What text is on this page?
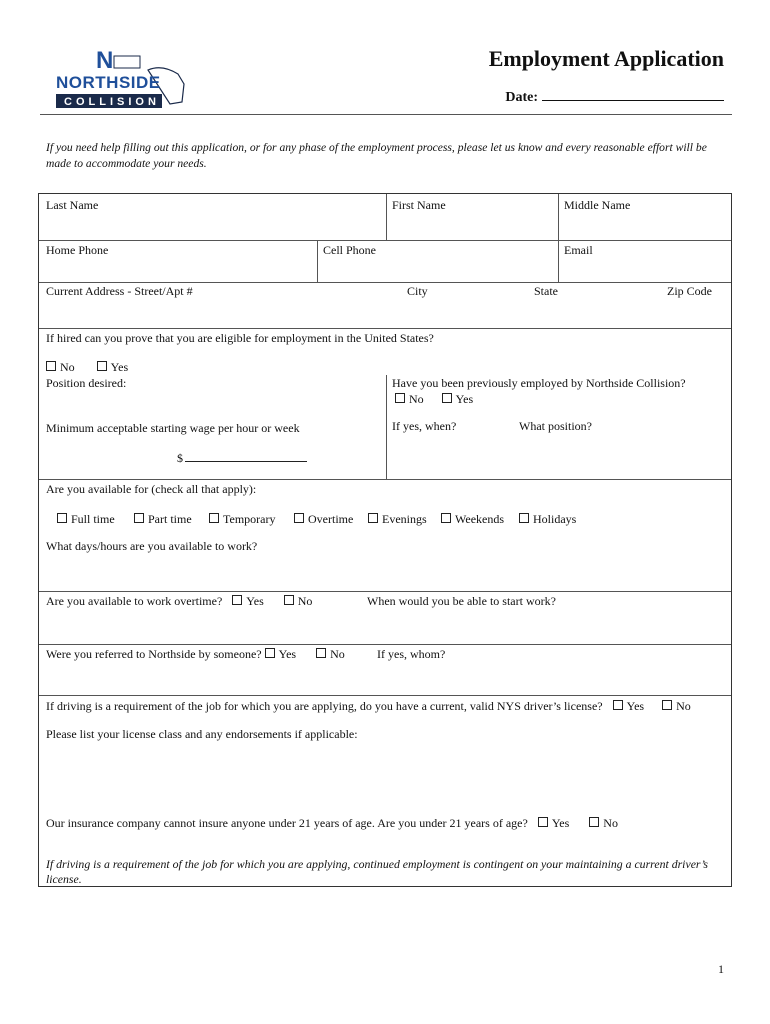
N
NORTHSIDE
COLLISION
Employment Application
Date:
If you need help filling out this application, or for any phase of the employment process, please let us know and every reasonable effort will be made to accommodate your needs.
Last Name	First Name	Middle Name
Home Phone	Cell Phone	Email
Current Address - Street/Apt #	City	State	Zip Code
If hired can you prove that you are eligible for employment in the United States?
No	Yes
Position desired:	Have you been previously employed by Northside Collision?
No	Yes
Minimum acceptable starting wage per hour or week	If yes, when?	What position?
$
Are you available for (check all that apply):
Full time	Part time	Temporary	Overtime	Evenings	Weekends	Holidays
What days/hours are you available to work?
Are you available to work overtime? Yes	No	When would you be able to start work?
Were you referred to Northside by someone? Yes	No	If yes, whom?
If driving is a requirement of the job for which you are applying, do you have a current, valid NYS driver’s license? Yes	No
Please list your license class and any endorsements if applicable:
Our insurance company cannot insure anyone under 21 years of age. Are you under 21 years of age? Yes	No
If driving is a requirement of the job for which you are applying, continued employment is contingent on your maintaining a current driver’s license.
1
